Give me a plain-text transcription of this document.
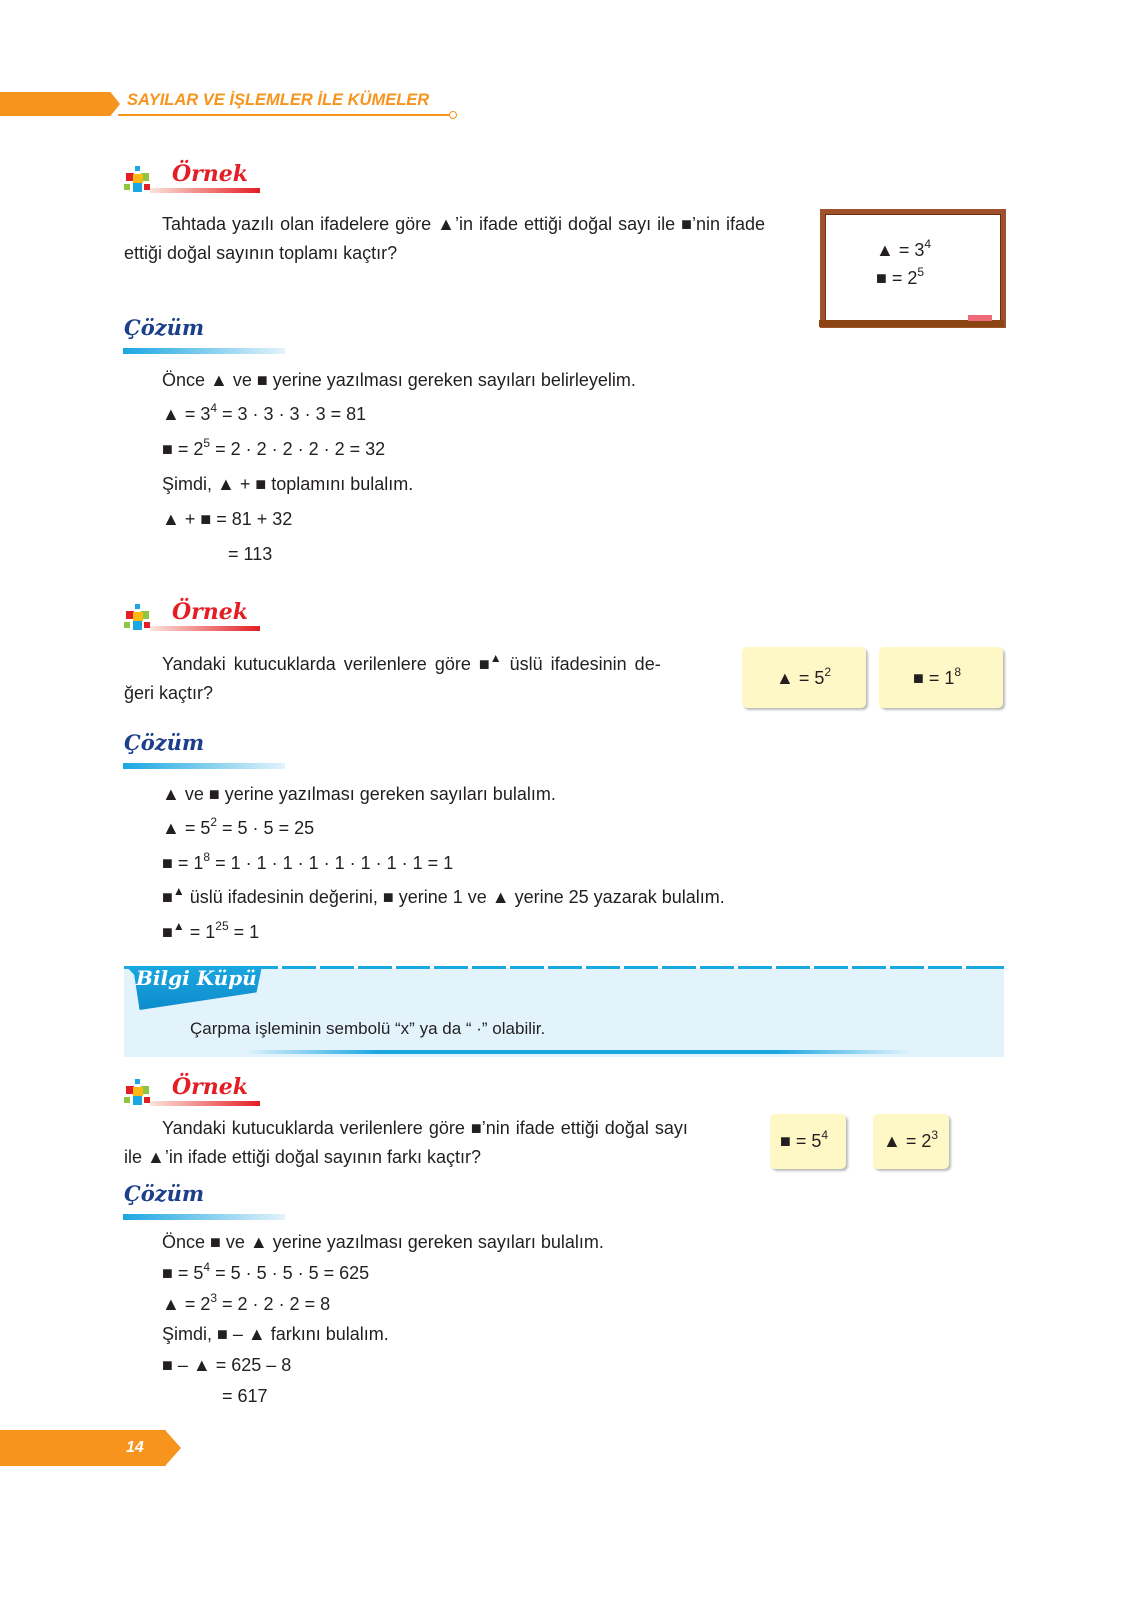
SAYILAR VE İŞLEMLER İLE KÜMELER
Bilgi Küpü
Çarpma işleminin sembolü “x” ya da “ ·” olabilir.
14
Örnek
Tahtada yazılı olan ifadelere göre ▲’in ifade ettiği doğal sayı ile ■’nin ifade
ettiği doğal sayının toplamı kaçtır?	▲ = $3^4$
■ = $2^5$
Çözüm
Önce ▲ ve ■ yerine yazılması gereken sayıları belirleyelim.
▲ = $3^4 = 3 \cdot 3 \cdot 3 \cdot 3 = 81$
■ = $2^5 = 2 \cdot 2 \cdot 2 \cdot 2 \cdot 2 = 32$
Şimdi, ▲ + ■ toplamını bulalım.
▲ + ■ = 81 + 32
= 113
Örnek
Yandaki kutucuklarda verilenlere göre ■▲ üslü ifadesinin de-
ğeri kaçtır?
▲ = $5^2$	■ = $1^8$
Çözüm
▲ ve ■ yerine yazılması gereken sayıları bulalım.
▲ = $5^2 = 5 \cdot 5 = 25$
■ = $1^8 = 1 \cdot 1 \cdot 1 \cdot 1 \cdot 1 \cdot 1 \cdot 1 \cdot 1 = 1$
■▲ üslü ifadesinin değerini, ■ yerine 1 ve ▲ yerine 25 yazarak bulalım.
■▲ = $1^{25} = 1$
Örnek
Yandaki kutucuklarda verilenlere göre ■’nin ifade ettiği doğal sayı
ile ▲’in ifade ettiği doğal sayının farkı kaçtır?
■ = $5^4$	▲ = $2^3$
Çözüm
Önce ■ ve ▲ yerine yazılması gereken sayıları bulalım.
■ = $5^4 = 5 \cdot 5 \cdot 5 \cdot 5 = 625$
▲ = $2^3 = 2 \cdot 2 \cdot 2 = 8$
Şimdi, ■ – ▲ farkını bulalım.
■ – ▲ = 625 – 8
= 617
